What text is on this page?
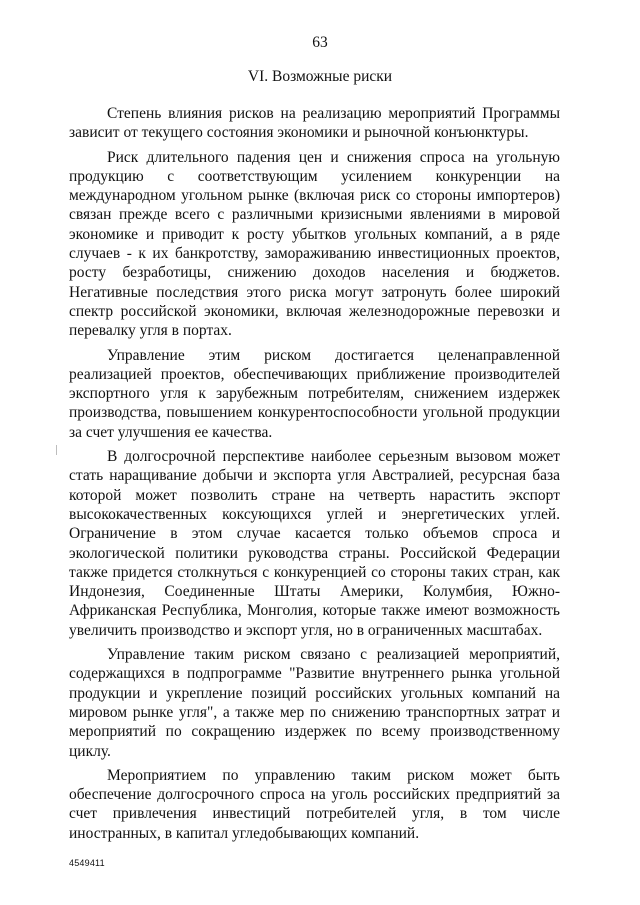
63
VI. Возможные риски

Степень влияния рисков на реализацию мероприятий Программы зависит от текущего состояния экономики и рыночной конъюнктуры.

Риск длительного падения цен и снижения спроса на угольную продукцию с соответствующим усилением конкуренции на международном угольном рынке (включая риск со стороны импортеров) связан прежде всего с различными кризисными явлениями в мировой экономике и приводит к росту убытков угольных компаний, а в ряде случаев - к их банкротству, замораживанию инвестиционных проектов, росту безработицы, снижению доходов населения и бюджетов. Негативные последствия этого риска могут затронуть более широкий спектр российской экономики, включая железнодорожные перевозки и перевалку угля в портах.

Управление этим риском достигается целенаправленной реализацией проектов, обеспечивающих приближение производителей экспортного угля к зарубежным потребителям, снижением издержек производства, повышением конкурентоспособности угольной продукции за счет улучшения ее качества.

В долгосрочной перспективе наиболее серьезным вызовом может стать наращивание добычи и экспорта угля Австралией, ресурсная база которой может позволить стране на четверть нарастить экспорт высококачественных коксующихся углей и энергетических углей. Ограничение в этом случае касается только объемов спроса и экологической политики руководства страны. Российской Федерации также придется столкнуться с конкуренцией со стороны таких стран, как Индонезия, Соединенные Штаты Америки, Колумбия, Южно-Африканская Республика, Монголия, которые также имеют возможность увеличить производство и экспорт угля, но в ограниченных масштабах.

Управление таким риском связано с реализацией мероприятий, содержащихся в подпрограмме "Развитие внутреннего рынка угольной продукции и укрепление позиций российских угольных компаний на мировом рынке угля", а также мер по снижению транспортных затрат и мероприятий по сокращению издержек по всему производственному циклу.

Мероприятием по управлению таким риском может быть обеспечение долгосрочного спроса на уголь российских предприятий за счет привлечения инвестиций потребителей угля, в том числе иностранных, в капитал угледобывающих компаний.

4549411
